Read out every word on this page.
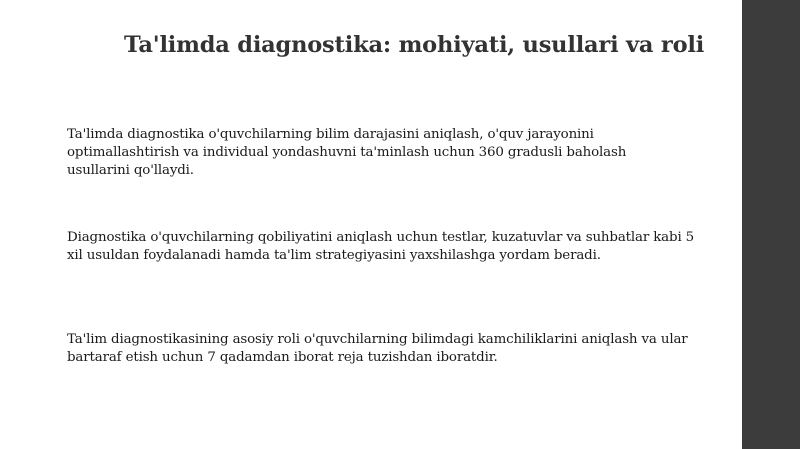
Ta'limda diagnostika: mohiyati, usullari va roli

Ta'limda diagnostika o'quvchilarning bilim darajasini aniqlash, o'quv jarayonini
optimallashtirish va individual yondashuvni ta'minlash uchun 360 gradusli baholash
usullarini qo'llaydi.

Diagnostika o'quvchilarning qobiliyatini aniqlash uchun testlar, kuzatuvlar va suhbatlar kabi 5
xil usuldan foydalanadi hamda ta'lim strategiyasini yaxshilashga yordam beradi.

Ta'lim diagnostikasining asosiy roli o'quvchilarning bilimdagi kamchiliklarini aniqlash va ular
bartaraf etish uchun 7 qadamdan iborat reja tuzishdan iboratdir.
